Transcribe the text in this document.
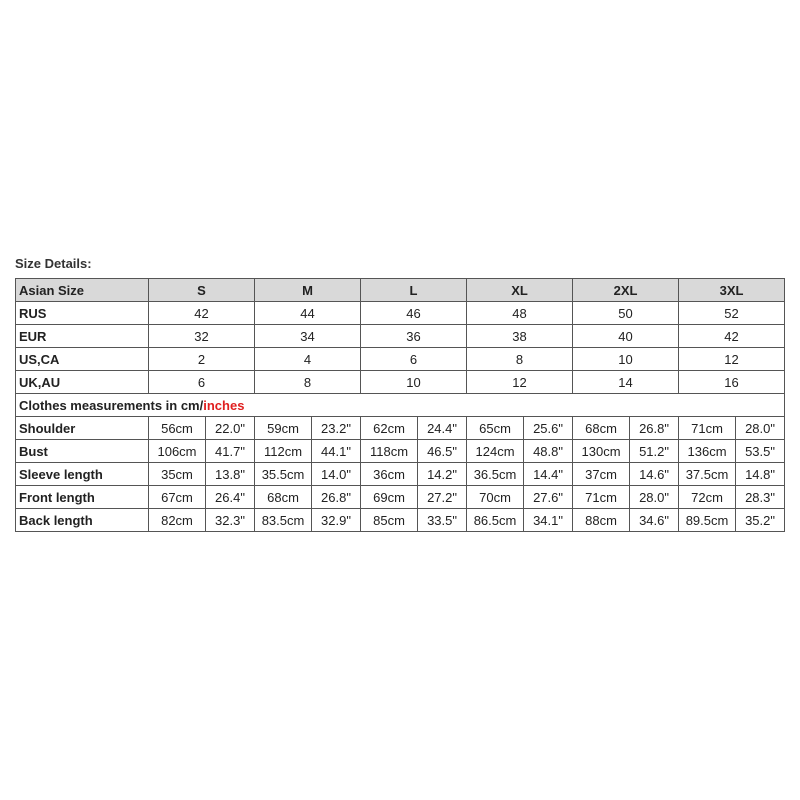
Size Details:
Asian Size	S		M		L		XL		2XL		3XL	
RUS	42		44		46		48		50		52	
EUR	32		34		36		38		40		42	
US,CA	2		4		6		8		10		12	
UK,AU	6		8		10		12		14		16	
Clothes measurements in cm/inches												
Shoulder	56cm	22.0"	59cm	23.2"	62cm	24.4"	65cm	25.6"	68cm	26.8"	71cm	28.0"
Bust	106cm	41.7"	112cm	44.1"	118cm	46.5"	124cm	48.8"	130cm	51.2"	136cm	53.5"
Sleeve length	35cm	13.8"	35.5cm	14.0"	36cm	14.2"	36.5cm	14.4"	37cm	14.6"	37.5cm	14.8"
Front length	67cm	26.4"	68cm	26.8"	69cm	27.2"	70cm	27.6"	71cm	28.0"	72cm	28.3"
Back length	82cm	32.3"	83.5cm	32.9"	85cm	33.5"	86.5cm	34.1"	88cm	34.6"	89.5cm	35.2"
